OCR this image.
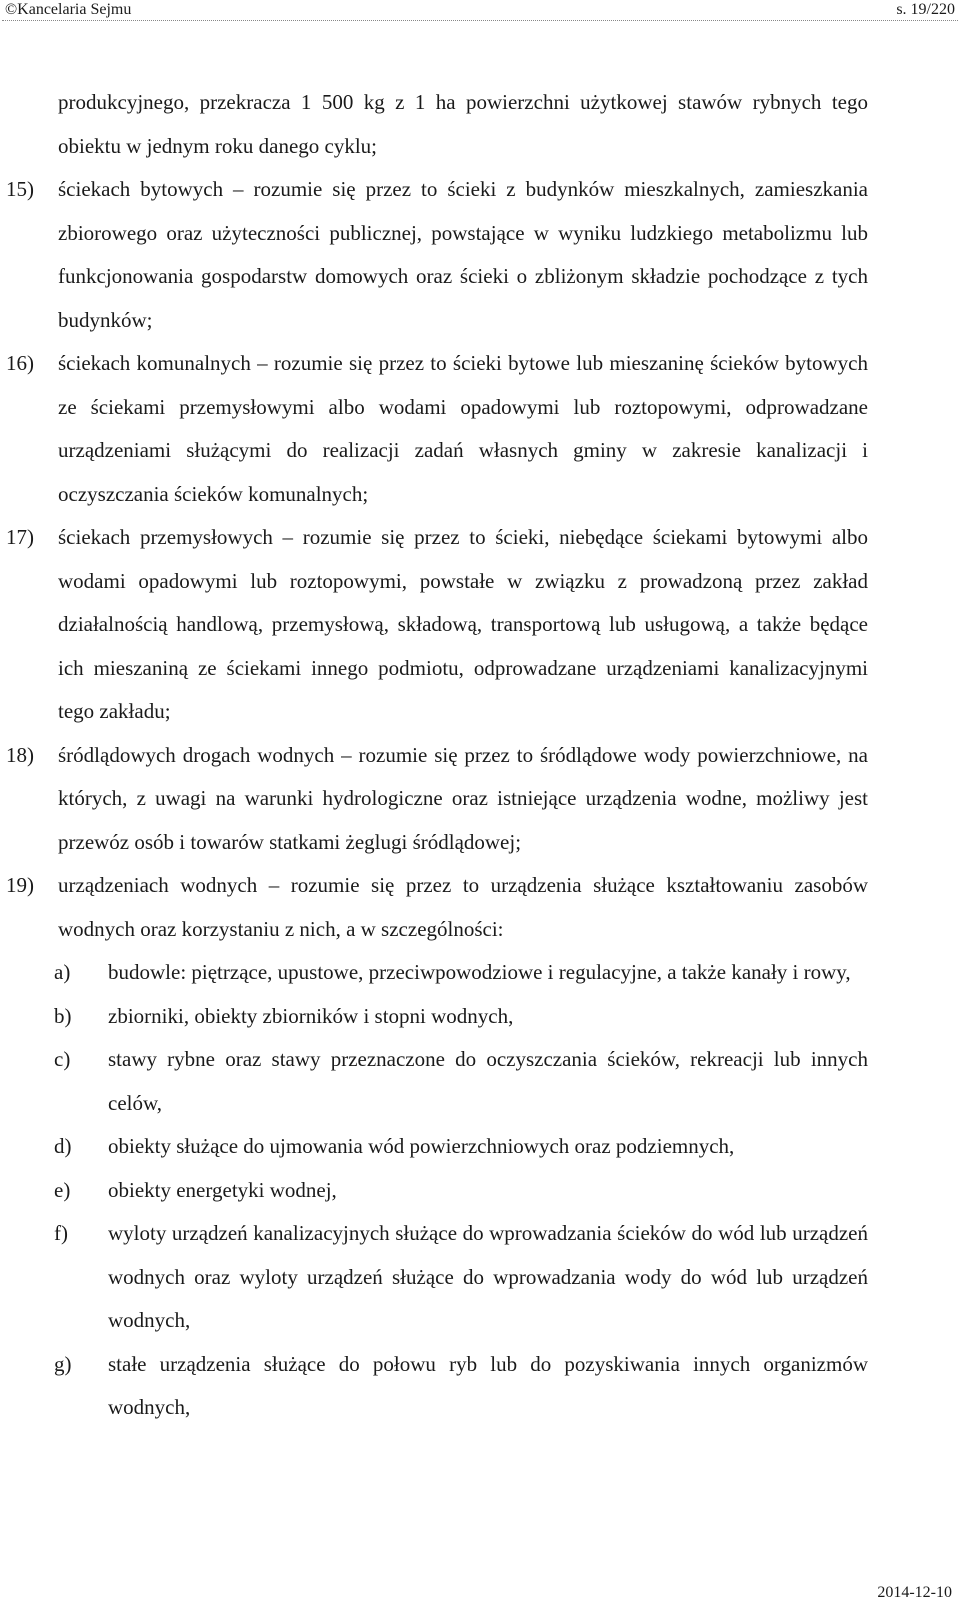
©Kancelaria Sejmu	s. 19/220
produkcyjnego, przekracza 1 500 kg z 1 ha powierzchni użytkowej stawów rybnych tego obiektu w jednym roku danego cyklu;
15)	ściekach bytowych – rozumie się przez to ścieki z budynków mieszkalnych, zamieszkania zbiorowego oraz użyteczności publicznej, powstające w wyniku ludzkiego metabolizmu lub funkcjonowania gospodarstw domowych oraz ścieki o zbliżonym składzie pochodzące z tych budynków;
16)	ściekach komunalnych – rozumie się przez to ścieki bytowe lub mieszaninę ścieków bytowych ze ściekami przemysłowymi albo wodami opadowymi lub roztopowymi, odprowadzane urządzeniami służącymi do realizacji zadań własnych gminy w zakresie kanalizacji i oczyszczania ścieków komunalnych;
17)	ściekach przemysłowych – rozumie się przez to ścieki, niebędące ściekami bytowymi albo wodami opadowymi lub roztopowymi, powstałe w związku z prowadzoną przez zakład działalnością handlową, przemysłową, składową, transportową lub usługową, a także będące ich mieszaniną ze ściekami innego podmiotu, odprowadzane urządzeniami kanalizacyjnymi tego zakładu;
18)	śródlądowych drogach wodnych – rozumie się przez to śródlądowe wody powierzchniowe, na których, z uwagi na warunki hydrologiczne oraz istniejące urządzenia wodne, możliwy jest przewóz osób i towarów statkami żeglugi śródlądowej;
19)	urządzeniach wodnych – rozumie się przez to urządzenia służące kształtowaniu zasobów wodnych oraz korzystaniu z nich, a w szczególności:
a)	budowle: piętrzące, upustowe, przeciwpowodziowe i regulacyjne, a także kanały i rowy,
b)	zbiorniki, obiekty zbiorników i stopni wodnych,
c)	stawy rybne oraz stawy przeznaczone do oczyszczania ścieków, rekreacji lub innych celów,
d)	obiekty służące do ujmowania wód powierzchniowych oraz podziemnych,
e)	obiekty energetyki wodnej,
f)	wyloty urządzeń kanalizacyjnych służące do wprowadzania ścieków do wód lub urządzeń wodnych oraz wyloty urządzeń służące do wprowadzania wody do wód lub urządzeń wodnych,
g)	stałe urządzenia służące do połowu ryb lub do pozyskiwania innych organizmów wodnych,
2014-12-10
